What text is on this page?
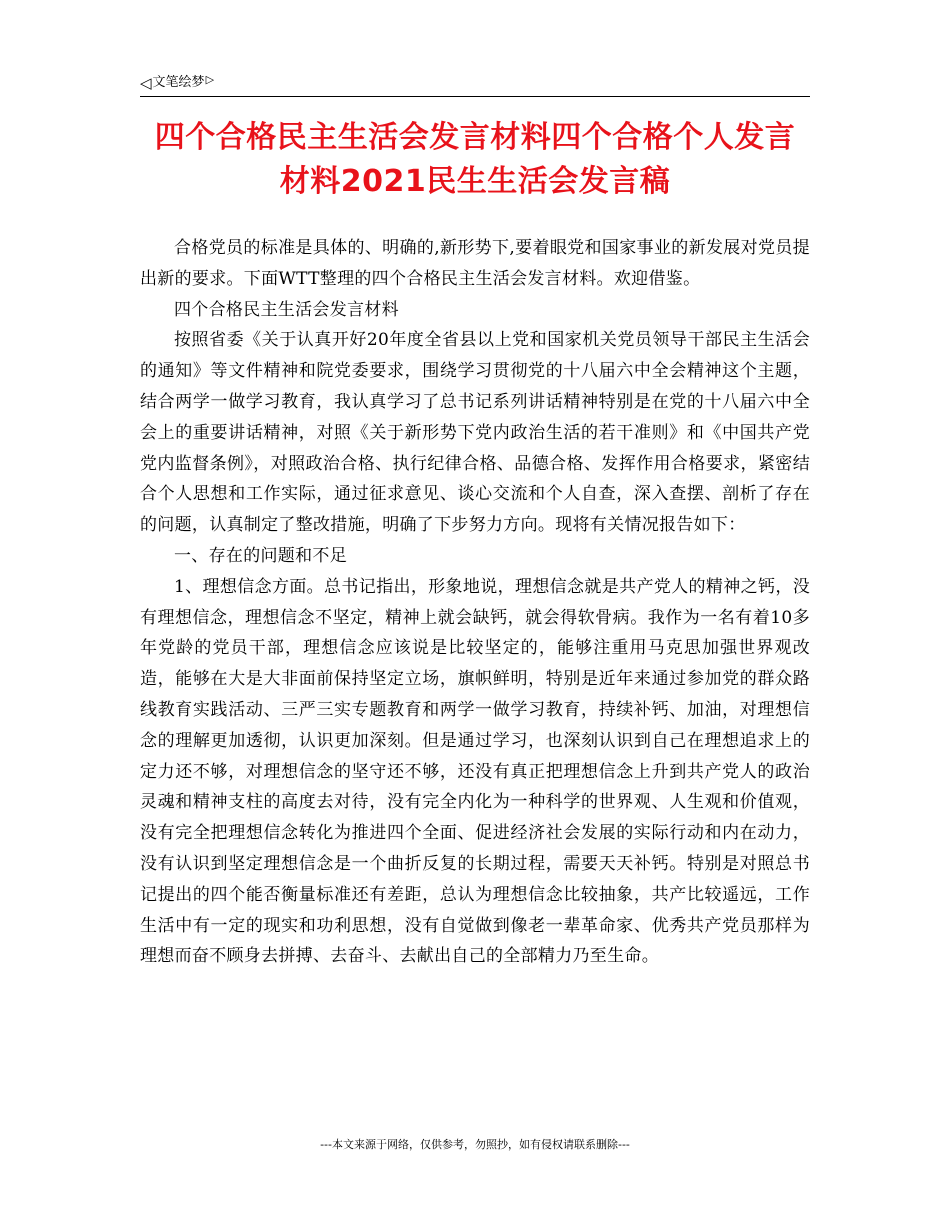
◁ 文笔绘梦 ▷
四个合格民主生活会发言材料四个合格个人发言材料2021民生生活会发言稿

合格党员的标准是具体的、明确的,新形势下,要着眼党和国家事业的新发展对党员提出新的要求。下面WTT整理的四个合格民主生活会发言材料。欢迎借鉴。

四个合格民主生活会发言材料

按照省委《关于认真开好20年度全省县以上党和国家机关党员领导干部民主生活会的通知》等文件精神和院党委要求，围绕学习贯彻党的十八届六中全会精神这个主题，结合两学一做学习教育，我认真学习了总书记系列讲话精神特别是在党的十八届六中全会上的重要讲话精神，对照《关于新形势下党内政治生活的若干准则》和《中国共产党党内监督条例》，对照政治合格、执行纪律合格、品德合格、发挥作用合格要求，紧密结合个人思想和工作实际，通过征求意见、谈心交流和个人自查，深入查摆、剖析了存在的问题，认真制定了整改措施，明确了下步努力方向。现将有关情况报告如下：

一、存在的问题和不足

1、理想信念方面。总书记指出，形象地说，理想信念就是共产党人的精神之钙，没有理想信念，理想信念不坚定，精神上就会缺钙，就会得软骨病。我作为一名有着10多年党龄的党员干部，理想信念应该说是比较坚定的，能够注重用马克思加强世界观改造，能够在大是大非面前保持坚定立场，旗帜鲜明，特别是近年来通过参加党的群众路线教育实践活动、三严三实专题教育和两学一做学习教育，持续补钙、加油，对理想信念的理解更加透彻，认识更加深刻。但是通过学习，也深刻认识到自己在理想追求上的定力还不够，对理想信念的坚守还不够，还没有真正把理想信念上升到共产党人的政治灵魂和精神支柱的高度去对待，没有完全内化为一种科学的世界观、人生观和价值观，没有完全把理想信念转化为推进四个全面、促进经济社会发展的实际行动和内在动力，没有认识到坚定理想信念是一个曲折反复的长期过程，需要天天补钙。特别是对照总书记提出的四个能否衡量标准还有差距，总认为理想信念比较抽象，共产比较遥远，工作生活中有一定的现实和功利思想，没有自觉做到像老一辈革命家、优秀共产党员那样为理想而奋不顾身去拼搏、去奋斗、去献出自己的全部精力乃至生命。

---本文来源于网络，仅供参考，勿照抄，如有侵权请联系删除---
